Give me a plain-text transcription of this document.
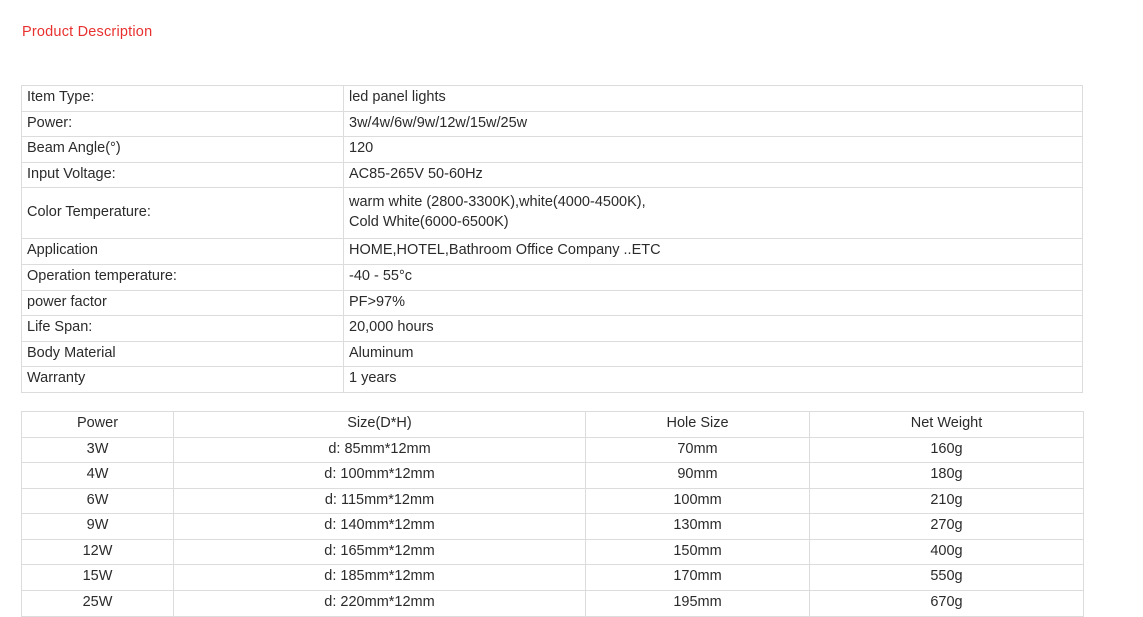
Product Description
Item Type:	led panel lights
Power:	3w/4w/6w/9w/12w/15w/25w
Beam Angle(°)	120
Input Voltage:	AC85-265V 50-60Hz
Color Temperature:	warm white (2800-3300K),white(4000-4500K),
Cold White(6000-6500K)

Application	HOME,HOTEL,Bathroom Office Company ..ETC
Operation temperature:	-40 - 55°c
power factor	PF>97%
Life Span:	20,000 hours
Body Material	Aluminum
Warranty	1 years
Power	Size(D*H)	Hole Size	Net Weight
3W	d: 85mm*12mm	70mm	160g
4W	d: 100mm*12mm	90mm	180g
6W	d: 115mm*12mm	100mm	210g
9W	d: 140mm*12mm	130mm	270g
12W	d: 165mm*12mm	150mm	400g
15W	d: 185mm*12mm	170mm	550g
25W	d: 220mm*12mm	195mm	670g
